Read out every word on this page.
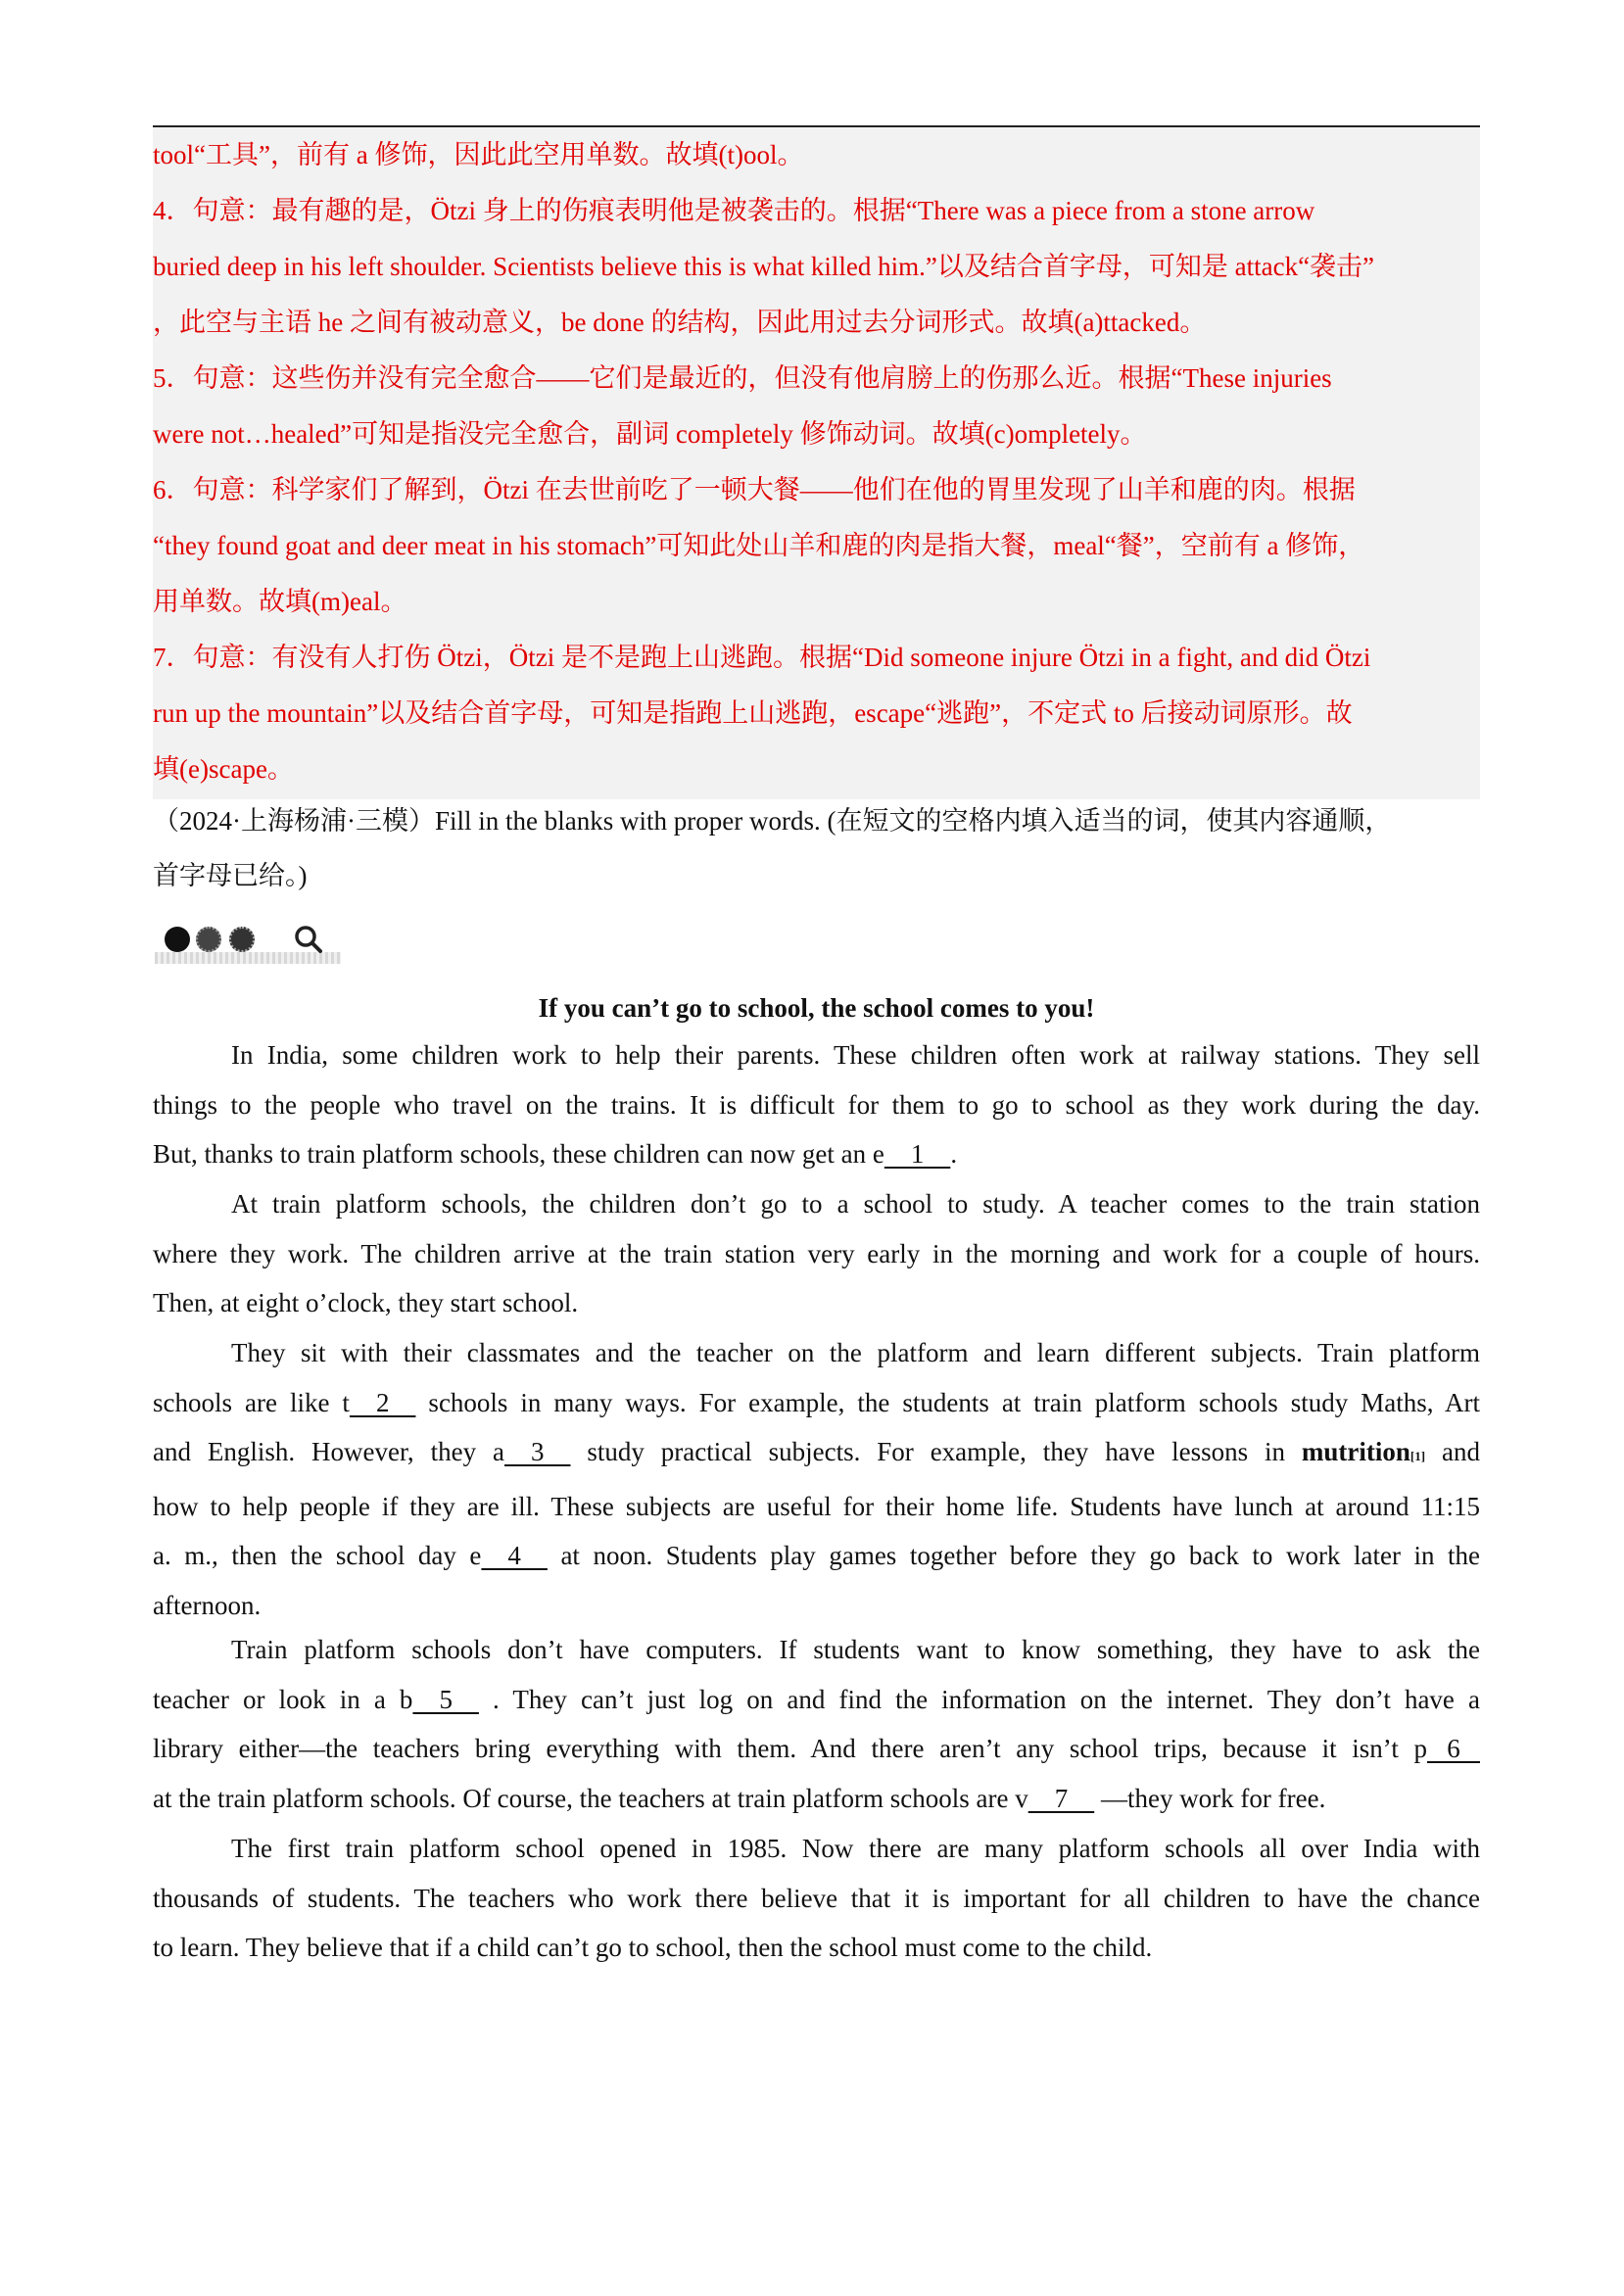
tool“工具”，前有 a 修饰，因此此空用单数。故填(t)ool。
4．句意：最有趣的是，Ötzi 身上的伤痕表明他是被袭击的。根据“There was a piece from a stone arrow
buried deep in his left shoulder. Scientists believe this is what killed him.”以及结合首字母，可知是 attack“袭击”
，此空与主语 he 之间有被动意义，be done 的结构，因此用过去分词形式。故填(a)ttacked。
5．句意：这些伤并没有完全愈合——它们是最近的，但没有他肩膀上的伤那么近。根据“These injuries
were not…healed”可知是指没完全愈合，副词 completely 修饰动词。故填(c)ompletely。
6．句意：科学家们了解到，Ötzi 在去世前吃了一顿大餐——他们在他的胃里发现了山羊和鹿的肉。根据
“they found goat and deer meat in his stomach”可知此处山羊和鹿的肉是指大餐，meal“餐”，空前有 a 修饰，
用单数。故填(m)eal。
7．句意：有没有人打伤 Ötzi，Ötzi 是不是跑上山逃跑。根据“Did someone injure Ötzi in a fight, and did Ötzi
run up the mountain”以及结合首字母，可知是指跑上山逃跑，escape“逃跑”，不定式 to 后接动词原形。故
填(e)scape。
（2024·上海杨浦·三模）Fill in the blanks with proper words. (在短文的空格内填入适当的词，使其内容通顺，
首字母已给。)
If you can’t go to school, the school comes to you!
In India, some children work to help their parents. These children often work at railway stations. They sell
things to the people who travel on the trains. It is difficult for them to go to school as they work during the day.
But, thanks to train platform schools, these children can now get an e    1    .
At train platform schools, the children don’t go to a school to study. A teacher comes to the train station
where they work. The children arrive at the train station very early in the morning and work for a couple of hours.
Then, at eight o’clock, they start school.
They sit with their classmates and the teacher on the platform and learn different subjects. Train platform
schools are like t    2     schools in many ways. For example, the students at train platform schools study Maths, Art
and English. However, they a    3     study practical subjects. For example, they have lessons in mutrition[1] and
how to help people if they are ill. These subjects are useful for their home life. Students have lunch at around 11:15
a. m., then the school day e    4     at noon. Students play games together before they go back to work later in the
afternoon.
Train platform schools don’t have computers. If students want to know something, they have to ask the
teacher or look in a b    5     . They can’t just log on and find the information on the internet. They don’t have a
library either—the teachers bring everything with them. And there aren’t any school trips, because it isn’t p   6
at the train platform schools. Of course, the teachers at train platform schools are v    7     —they work for free.
The first train platform school opened in 1985. Now there are many platform schools all over India with
thousands of students. The teachers who work there believe that it is important for all children to have the chance
to learn. They believe that if a child can’t go to school, then the school must come to the child.
